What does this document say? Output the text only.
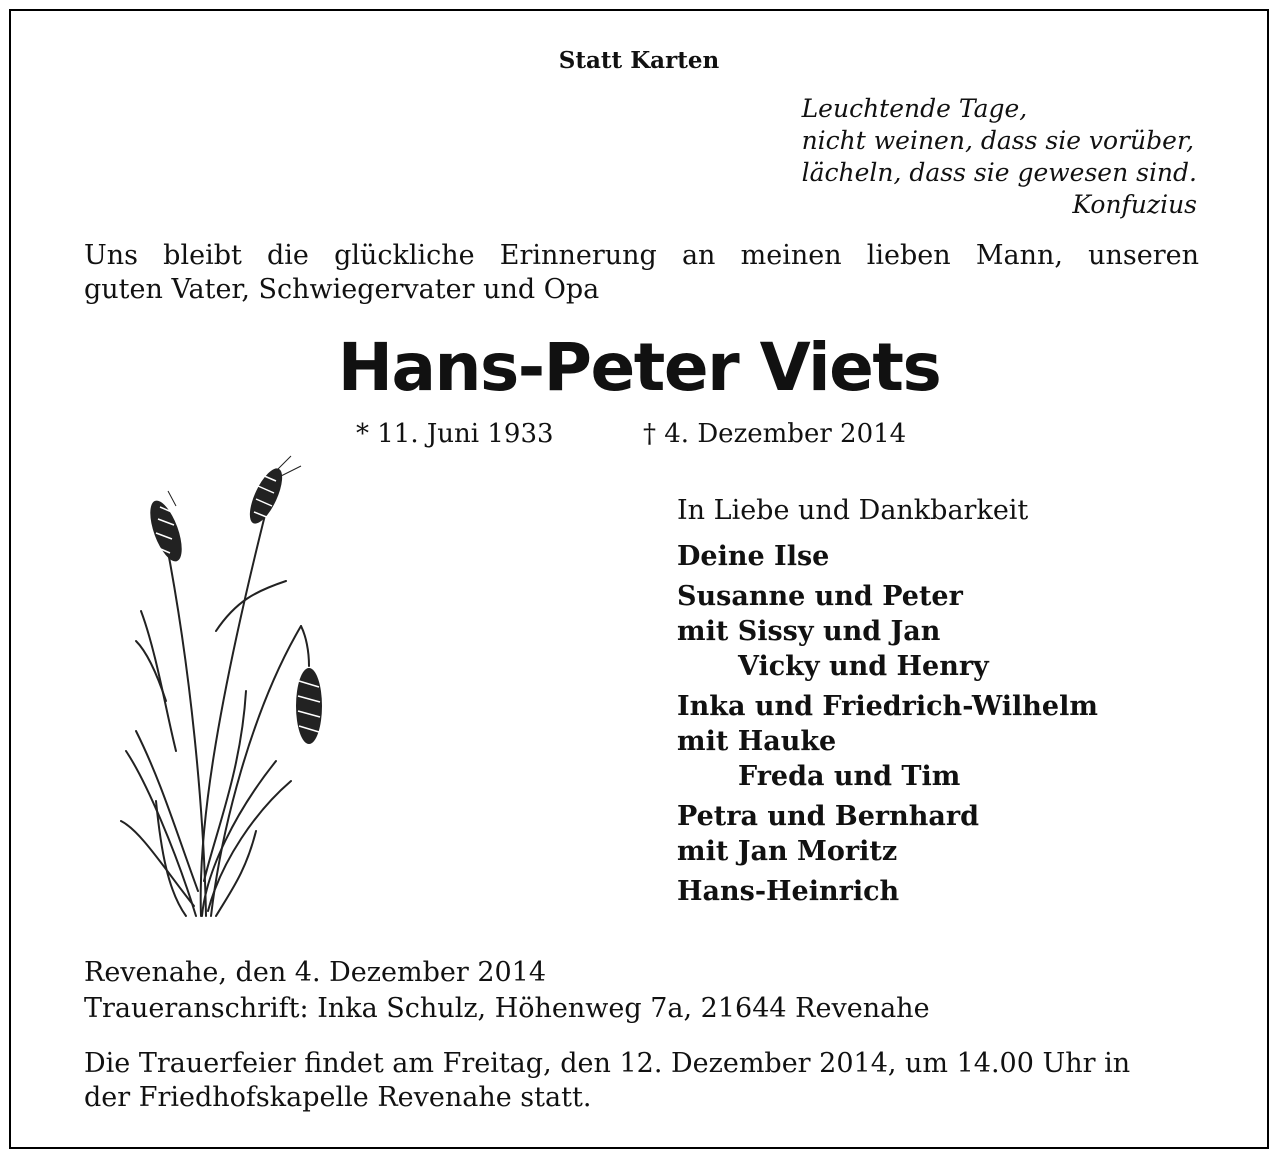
Statt Karten
Leuchtende Tage,
nicht weinen, dass sie vorüber,
lächeln, dass sie gewesen sind.
Konfuzius
Uns bleibt die glückliche Erinnerung an meinen lieben Mann, unseren
guten Vater, Schwiegervater und Opa
Hans-Peter Viets
* 11. Juni 1933	† 4. Dezember 2014
In Liebe und Dankbarkeit
Deine Ilse
Susanne und Peter
mit Sissy und Jan
Vicky und Henry
Inka und Friedrich-Wilhelm
mit Hauke
Freda und Tim
Petra und Bernhard
mit Jan Moritz
Hans-Heinrich
Revenahe, den 4. Dezember 2014
Traueranschrift: Inka Schulz, Höhenweg 7a, 21644 Revenahe
Die Trauerfeier findet am Freitag, den 12. Dezember 2014, um 14.00 Uhr in
der Friedhofskapelle Revenahe statt.
